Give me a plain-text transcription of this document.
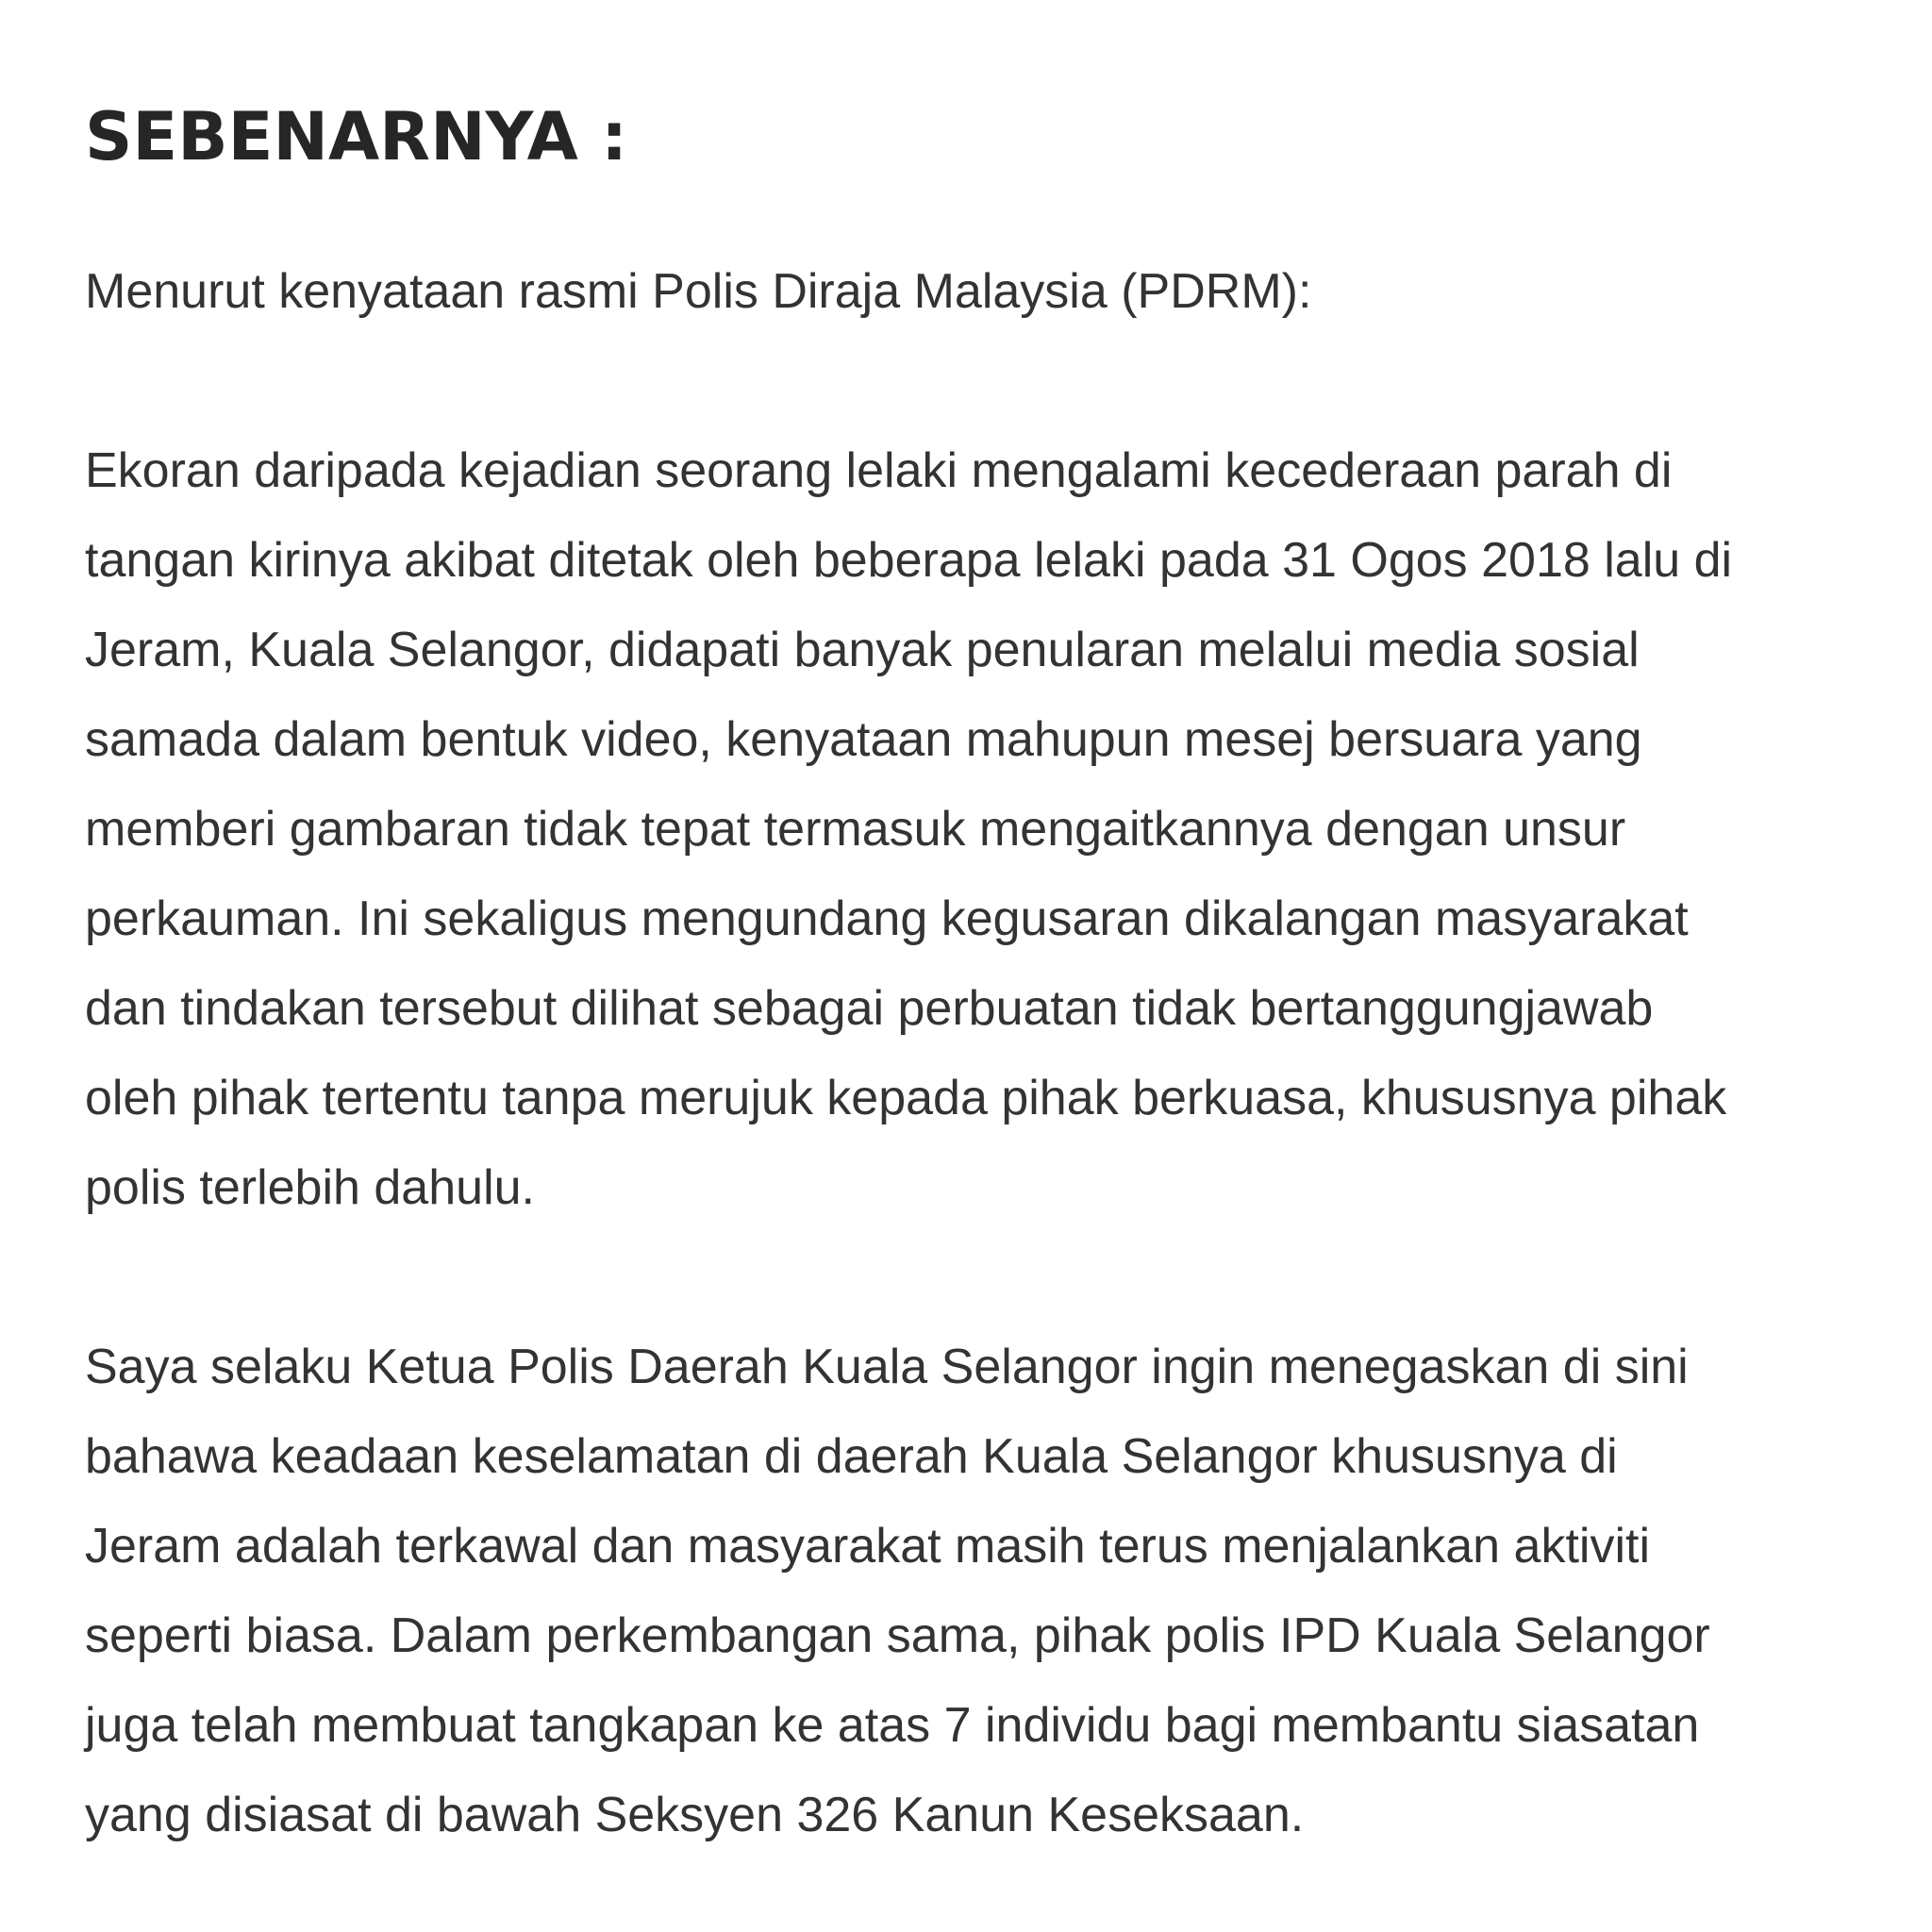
SEBENARNYA :

Menurut kenyataan rasmi Polis Diraja Malaysia (PDRM):

Ekoran daripada kejadian seorang lelaki mengalami kecederaan parah di
tangan kirinya akibat ditetak oleh beberapa lelaki pada 31 Ogos 2018 lalu di
Jeram, Kuala Selangor, didapati banyak penularan melalui media sosial
samada dalam bentuk video, kenyataan mahupun mesej bersuara yang
memberi gambaran tidak tepat termasuk mengaitkannya dengan unsur
perkauman. Ini sekaligus mengundang kegusaran dikalangan masyarakat
dan tindakan tersebut dilihat sebagai perbuatan tidak bertanggungjawab
oleh pihak tertentu tanpa merujuk kepada pihak berkuasa, khususnya pihak
polis terlebih dahulu.

Saya selaku Ketua Polis Daerah Kuala Selangor ingin menegaskan di sini
bahawa keadaan keselamatan di daerah Kuala Selangor khususnya di
Jeram adalah terkawal dan masyarakat masih terus menjalankan aktiviti
seperti biasa. Dalam perkembangan sama, pihak polis IPD Kuala Selangor
juga telah membuat tangkapan ke atas 7 individu bagi membantu siasatan
yang disiasat di bawah Seksyen 326 Kanun Keseksaan.
